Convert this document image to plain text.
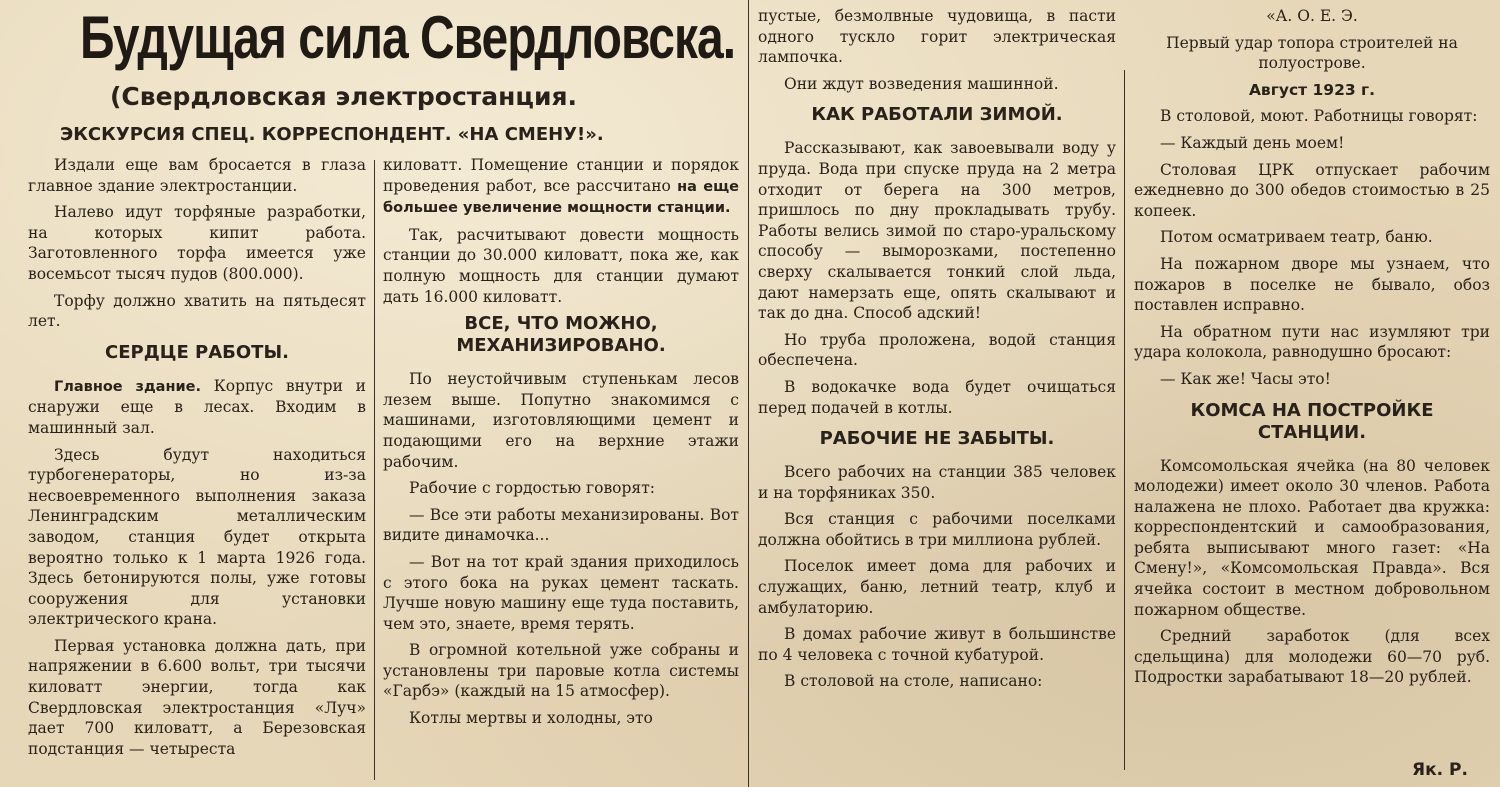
Будущая сила Свердловска.
(Свердловская электростанция.
ЭКСКУРСИЯ СПЕЦ. КОРРЕСПОНДЕНТ. «НА СМЕНУ!».

Издали еще вам бросается в глаза главное здание электростанции.

Налево идут торфяные разработки, на которых кипит работа. Заготовленного торфа имеется уже восемьсот тысяч пудов (800.000).

Торфу должно хватить на пятьдесят лет.

СЕРДЦЕ РАБОТЫ.

Главное здание. Корпус внутри и снаружи еще в лесах. Входим в машинный зал.

Здесь будут находиться турбогенераторы, но из-за несвоевременного выполнения заказа Ленинградским металлическим заводом, станция будет открыта вероятно только к 1 марта 1926 года. Здесь бетонируются полы, уже готовы сооружения для установки электрического крана.

Первая установка должна дать, при напряжении в 6.600 вольт, три тысячи киловатт энергии, тогда как Свердловская электростанция «Луч» дает 700 киловатт, а Березовская подстанция — четыреста

киловатт. Помещение станции и порядок проведения работ, все рассчитано на еще большее увеличение мощности станции.

Так, расчитывают довести мощность станции до 30.000 киловатт, пока же, как полную мощность для станции думают дать 16.000 киловатт.

ВСЕ, ЧТО МОЖНО, МЕХАНИЗИРОВАНО.

По неустойчивым ступенькам лесов лезем выше. Попутно знакомимся с машинами, изготовляющими цемент и подающими его на верхние этажи рабочим.

Рабочие с гордостью говорят:

— Все эти работы механизированы. Вот видите динамочка...

— Вот на тот край здания приходилось с этого бока на руках цемент таскать. Лучше новую машину еще туда поставить, чем это, знаете, время терять.

В огромной котельной уже собраны и установлены три паровые котла системы «Гарбэ» (каждый на 15 атмосфер).

Котлы мертвы и холодны, это

пустые, безмолвные чудовища, в пасти одного тускло горит электрическая лампочка.

Они ждут возведения машинной.

КАК РАБОТАЛИ ЗИМОЙ.

Рассказывают, как завоевывали воду у пруда. Вода при спуске пруда на 2 метра отходит от берега на 300 метров, пришлось по дну прокладывать трубу. Работы велись зимой по старо-уральскому способу — выморозками, постепенно сверху скалывается тонкий слой льда, дают намерзать еще, опять скалывают и так до дна. Способ адский!

Но труба проложена, водой станция обеспечена.

В водокачке вода будет очищаться перед подачей в котлы.

РАБОЧИЕ НЕ ЗАБЫТЫ.

Всего рабочих на станции 385 человек и на торфяниках 350.

Вся станция с рабочими поселками должна обойтись в три миллиона рублей.

Поселок имеет дома для рабочих и служащих, баню, летний театр, клуб и амбулаторию.

В домах рабочие живут в большинстве по 4 человека с точной кубатурой.

В столовой на столе, написано:

«А. О. Е. Э.

Первый удар топора строителей на полуострове.

Август 1923 г.

В столовой, моют. Работницы говорят:

— Каждый день моем!

Столовая ЦРК отпускает рабочим ежедневно до 300 обедов стоимостью в 25 копеек.

Потом осматриваем театр, баню.

На пожарном дворе мы узнаем, что пожаров в поселке не бывало, обоз поставлен исправно.

На обратном пути нас изумляют три удара колокола, равнодушно бросают:

— Как же! Часы это!

КОМСА НА ПОСТРОЙКЕ СТАНЦИИ.

Комсомольская ячейка (на 80 человек молодежи) имеет около 30 членов. Работа налажена не плохо. Работает два кружка: корреспондентский и самообразования, ребята выписывают много газет: «На Смену!», «Комсомольская Правда». Вся ячейка состоит в местном добровольном пожарном обществе.

Средний заработок (для всех сдельщина) для молодежи 60—70 руб. Подростки зарабатывают 18—20 рублей.

Як. Р.
